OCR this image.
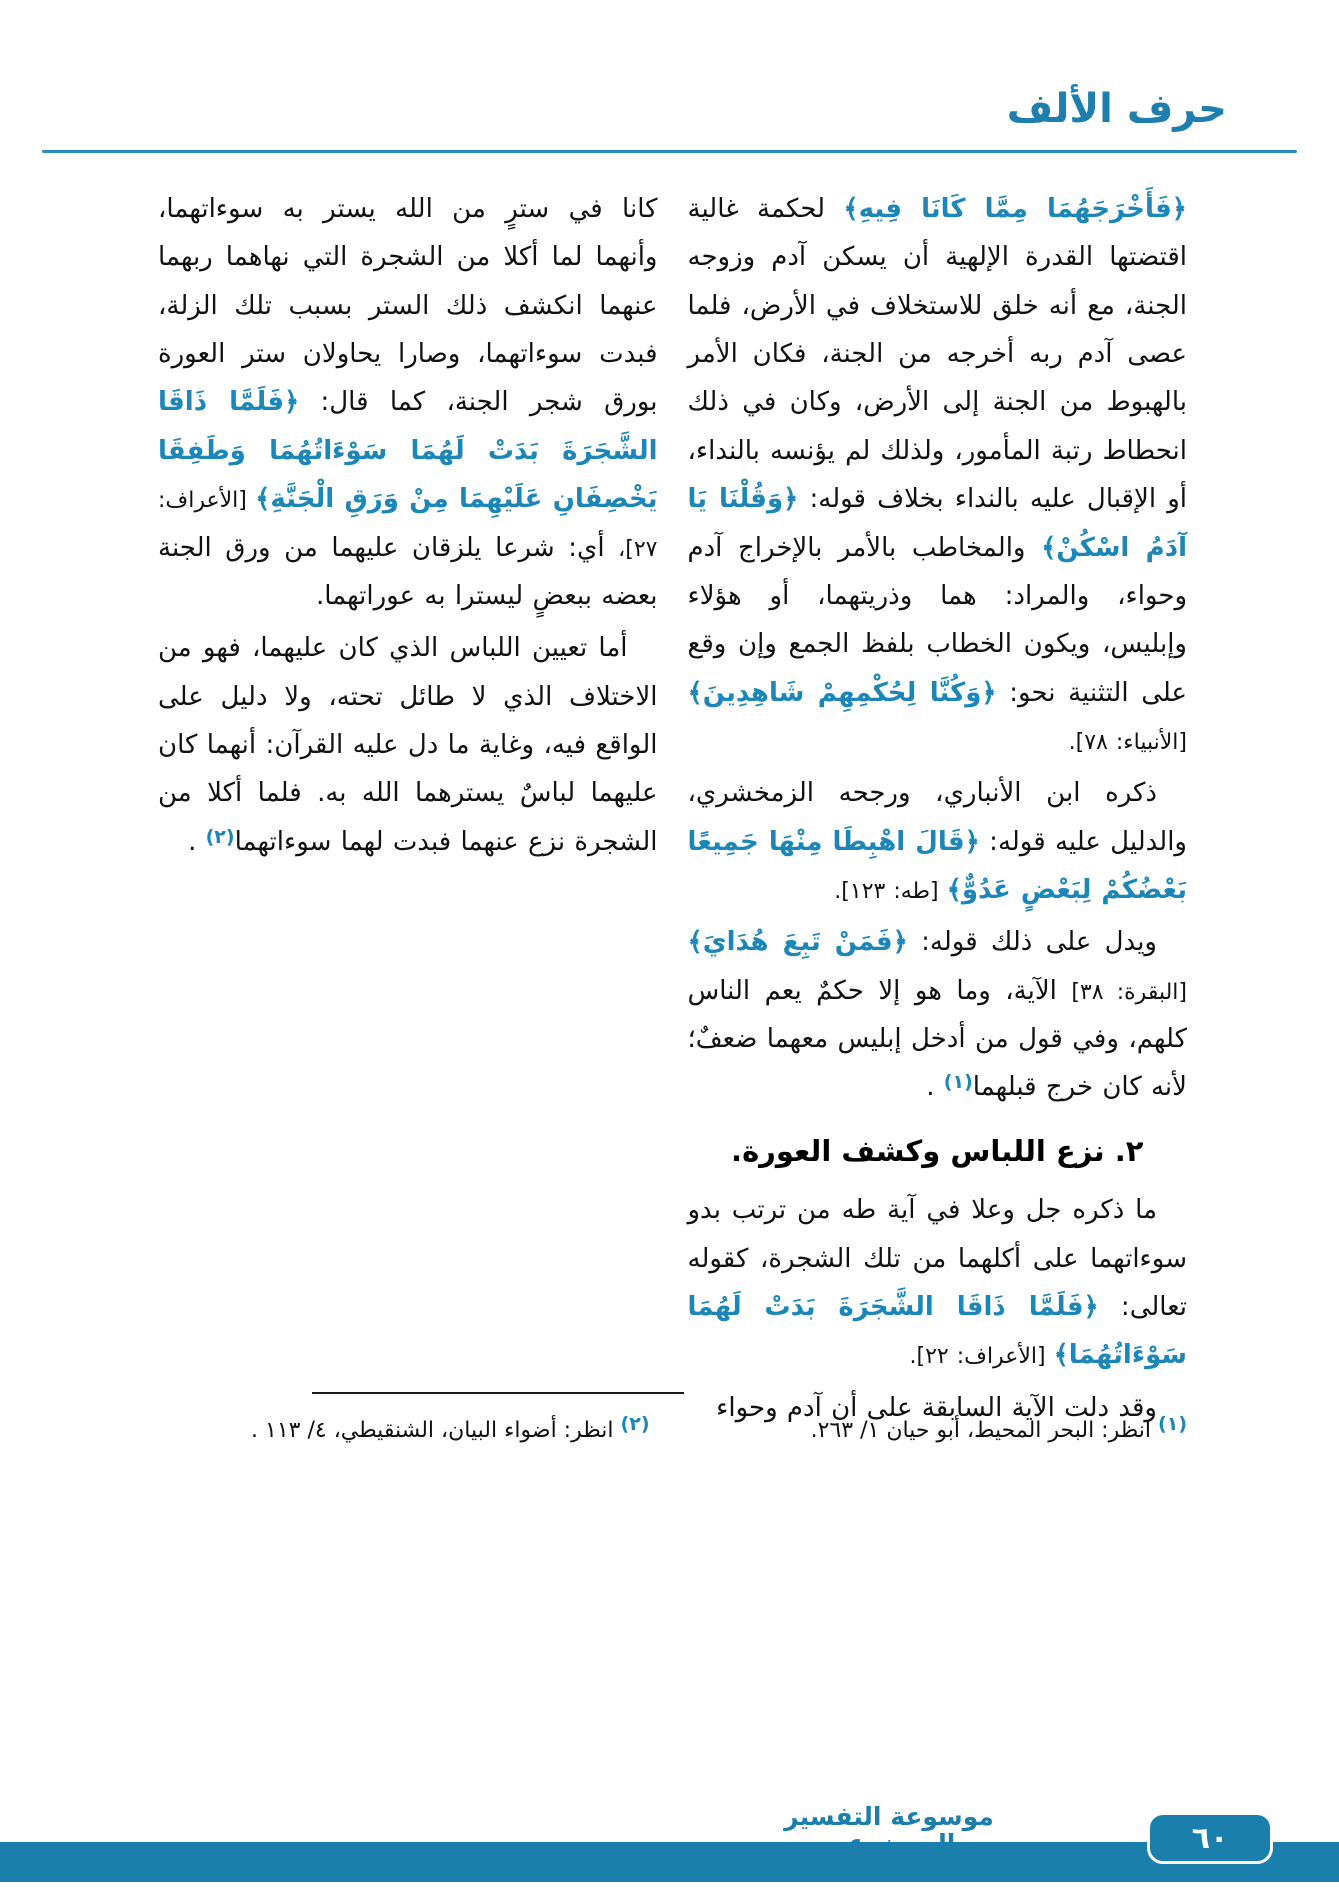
حرف الألف

﴿فَأَخْرَجَهُمَا مِمَّا كَانَا فِيهِ﴾ لحكمة غالية اقتضتها القدرة الإلهية أن يسكن آدم وزوجه الجنة، مع أنه خلق للاستخلاف في الأرض، فلما عصى آدم ربه أخرجه من الجنة، فكان الأمر بالهبوط من الجنة إلى الأرض، وكان في ذلك انحطاط رتبة المأمور، ولذلك لم يؤنسه بالنداء، أو الإقبال عليه بالنداء بخلاف قوله: ﴿وَقُلْنَا يَا آدَمُ اسْكُنْ﴾ والمخاطب بالأمر بالإخراج آدم وحواء، والمراد: هما وذريتهما، أو هؤلاء وإبليس، ويكون الخطاب بلفظ الجمع وإن وقع على التثنية نحو: ﴿وَكُنَّا لِحُكْمِهِمْ شَاهِدِينَ﴾ [الأنبياء: ٧٨].

ذكره ابن الأنباري، ورجحه الزمخشري، والدليل عليه قوله: ﴿قَالَ اهْبِطَا مِنْهَا جَمِيعًا بَعْضُكُمْ لِبَعْضٍ عَدُوٌّ﴾ [طه: ١٢٣].

ويدل على ذلك قوله: ﴿فَمَنْ تَبِعَ هُدَايَ﴾ [البقرة: ٣٨] الآية، وما هو إلا حكمٌ يعم الناس كلهم، وفي قول من أدخل إبليس معهما ضعفٌ؛ لأنه كان خرج قبلهما$^{(١)}$ .

٢. نزع اللباس وكشف العورة.

ما ذكره جل وعلا في آية طه من ترتب بدو سوءاتهما على أكلهما من تلك الشجرة، كقوله تعالى: ﴿فَلَمَّا ذَاقَا الشَّجَرَةَ بَدَتْ لَهُمَا سَوْءَاتُهُمَا﴾ [الأعراف: ٢٢].

وقد دلت الآية السابقة على أن آدم وحواء

كانا في سترٍ من الله يستر به سوءاتهما، وأنهما لما أكلا من الشجرة التي نهاهما ربهما عنهما انكشف ذلك الستر بسبب تلك الزلة، فبدت سوءاتهما، وصارا يحاولان ستر العورة بورق شجر الجنة، كما قال: ﴿فَلَمَّا ذَاقَا الشَّجَرَةَ بَدَتْ لَهُمَا سَوْءَاتُهُمَا وَطَفِقَا يَخْصِفَانِ عَلَيْهِمَا مِنْ وَرَقِ الْجَنَّةِ﴾ [الأعراف: ٢٧]، أي: شرعا يلزقان عليهما من ورق الجنة بعضه ببعضٍ ليسترا به عوراتهما.

أما تعيين اللباس الذي كان عليهما، فهو من الاختلاف الذي لا طائل تحته، ولا دليل على الواقع فيه، وغاية ما دل عليه القرآن: أنهما كان عليهما لباسٌ يسترهما الله به. فلما أكلا من الشجرة نزع عنهما فبدت لهما سوءاتهما$^{(٢)}$ .

(١) انظر: البحر المحيط، أبو حيان ١/ ٢٦٣.
(٢) انظر: أضواء البيان، الشنقيطي، ٤/ ١١٣ .
موسوعة التفسير الموضوعي
للقرآن الكريم
٦٠
